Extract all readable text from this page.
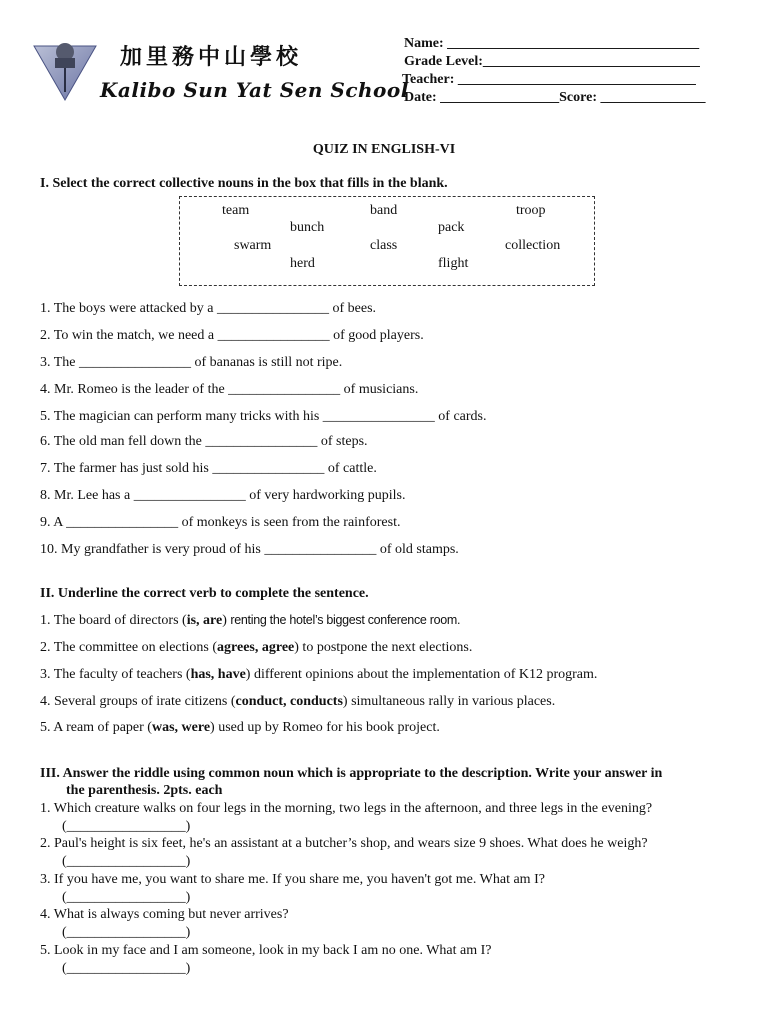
加里務中山學校
Kalibo Sun Yat Sen School
Name: ____________________________________
Grade Level:_______________________________
Teacher: __________________________________
Date: _________________Score: _______________
QUIZ IN ENGLISH-VI
I. Select the correct collective nouns in the box that fills in the blank.
team	band	troop
bunch	pack
swarm	class	collection
herd	flight
1. The boys were attacked by a ________________ of bees.
2. To win the match, we need a ________________ of good players.
3. The ________________ of bananas is still not ripe.
4. Mr. Romeo is the leader of the ________________ of musicians.
5. The magician can perform many tricks with his ________________ of cards.
6. The old man fell down the ________________ of steps.
7. The farmer has just sold his ________________ of cattle.
8. Mr. Lee has a ________________ of very hardworking pupils.
9. A ________________ of monkeys is seen from the rainforest.
10. My grandfather is very proud of his ________________ of old stamps.
II. Underline the correct verb to complete the sentence.
1. The board of directors (is, are) renting the hotel’s biggest conference room.
2. The committee on elections (agrees, agree) to postpone the next elections.
3. The faculty of teachers (has, have) different opinions about the implementation of K12 program.
4. Several groups of irate citizens (conduct, conducts) simultaneous rally in various places.
5. A ream of paper (was, were) used up by Romeo for his book project.
III. Answer the riddle using common noun which is appropriate to the description. Write your answer in
the parenthesis. 2pts. each
1. Which creature walks on four legs in the morning, two legs in the afternoon, and three legs in the evening?
(_________________)
2. Paul's height is six feet, he's an assistant at a butcher’s shop, and wears size 9 shoes. What does he weigh?
(_________________)
3. If you have me, you want to share me. If you share me, you haven't got me. What am I?
(_________________)
4. What is always coming but never arrives?
(_________________)
5. Look in my face and I am someone, look in my back I am no one. What am I?
(_________________)
